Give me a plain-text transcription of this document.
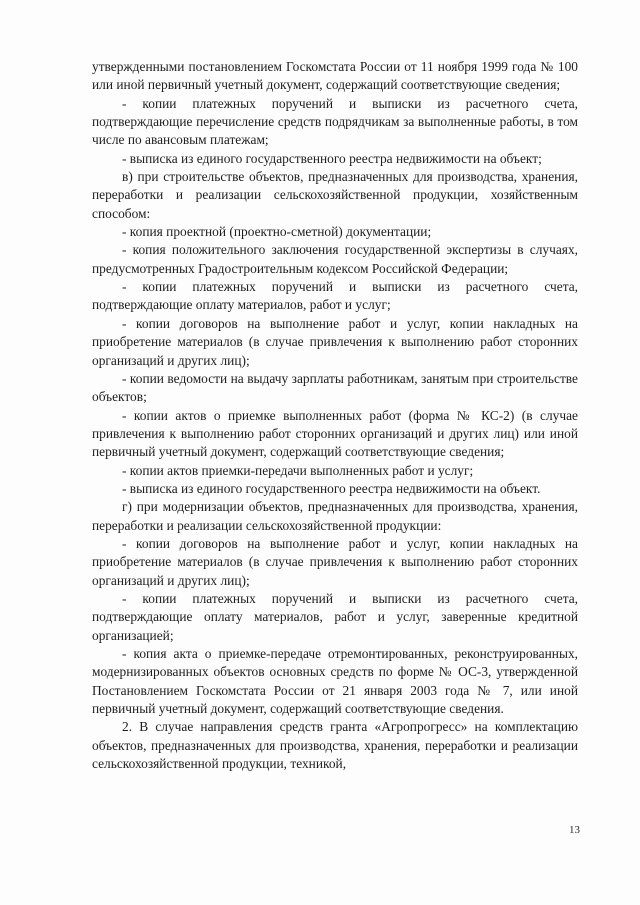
утвержденными постановлением Госкомстата России от 11 ноября 1999 года № 100 или иной первичный учетный документ, содержащий соответствующие сведения;

- копии платежных поручений и выписки из расчетного счета, подтверждающие перечисление средств подрядчикам за выполненные работы, в том числе по авансовым платежам;

- выписка из единого государственного реестра недвижимости на объект;

в) при строительстве объектов, предназначенных для производства, хранения, переработки и реализации сельскохозяйственной продукции, хозяйственным способом:

- копия проектной (проектно-сметной) документации;

- копия положительного заключения государственной экспертизы в случаях, предусмотренных Градостроительным кодексом Российской Федерации;

- копии платежных поручений и выписки из расчетного счета, подтверждающие оплату материалов, работ и услуг;

- копии договоров на выполнение работ и услуг, копии накладных на приобретение материалов (в случае привлечения к выполнению работ сторонних организаций и других лиц);

- копии ведомости на выдачу зарплаты работникам, занятым при строительстве объектов;

- копии актов о приемке выполненных работ (форма № КС-2) (в случае привлечения к выполнению работ сторонних организаций и других лиц) или иной первичный учетный документ, содержащий соответствующие сведения;

- копии актов приемки-передачи выполненных работ и услуг;

- выписка из единого государственного реестра недвижимости на объект.

г) при модернизации объектов, предназначенных для производства, хранения, переработки и реализации сельскохозяйственной продукции:

- копии договоров на выполнение работ и услуг, копии накладных на приобретение материалов (в случае привлечения к выполнению работ сторонних организаций и других лиц);

- копии платежных поручений и выписки из расчетного счета, подтверждающие оплату материалов, работ и услуг, заверенные кредитной организацией;

- копия акта о приемке-передаче отремонтированных, реконструированных, модернизированных объектов основных средств по форме № ОС-3, утвержденной Постановлением Госкомстата России от 21 января 2003 года № 7, или иной первичный учетный документ, содержащий соответствующие сведения.

2. В случае направления средств гранта «Агропрогресс» на комплектацию объектов, предназначенных для производства, хранения, переработки и реализации сельскохозяйственной продукции, техникой,

13
